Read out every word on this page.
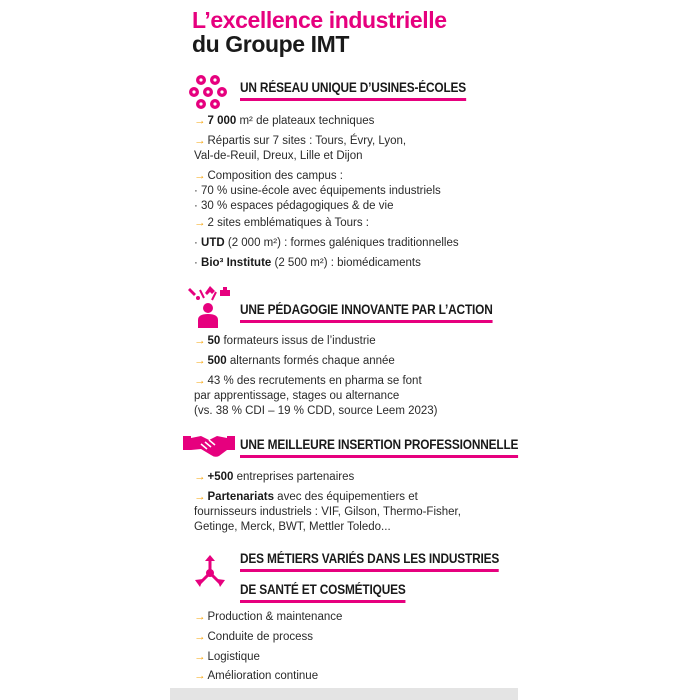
L’excellence industrielle
du Groupe IMT
UN RÉSEAU UNIQUE D’USINES-ÉCOLES
→ 7 000 m² de plateaux techniques
→ Répartis sur 7 sites : Tours, Évry, Lyon,
Val-de-Reuil, Dreux, Lille et Dijon
→ Composition des campus :
· 70 % usine-école avec équipements industriels
· 30 % espaces pédagogiques & de vie
→ 2 sites emblématiques à Tours :
· UTD (2 000 m²) : formes galéniques traditionnelles
· Bio³ Institute (2 500 m²) : biomédicaments
UNE PÉDAGOGIE INNOVANTE PAR L’ACTION
→ 50 formateurs issus de l’industrie
→ 500 alternants formés chaque année
→ 43 % des recrutements en pharma se font
par apprentissage, stages ou alternance
(vs. 38 % CDI – 19 % CDD, source Leem 2023)
UNE MEILLEURE INSERTION PROFESSIONNELLE
→ +500 entreprises partenaires
→ Partenariats avec des équipementiers et
fournisseurs industriels : VIF, Gilson, Thermo-Fisher,
Getinge, Merck, BWT, Mettler Toledo...
DES MÉTIERS VARIÉS DANS LES INDUSTRIES
DE SANTÉ ET COSMÉTIQUES
→ Production & maintenance
→ Conduite de process
→ Logistique
→ Amélioration continue
